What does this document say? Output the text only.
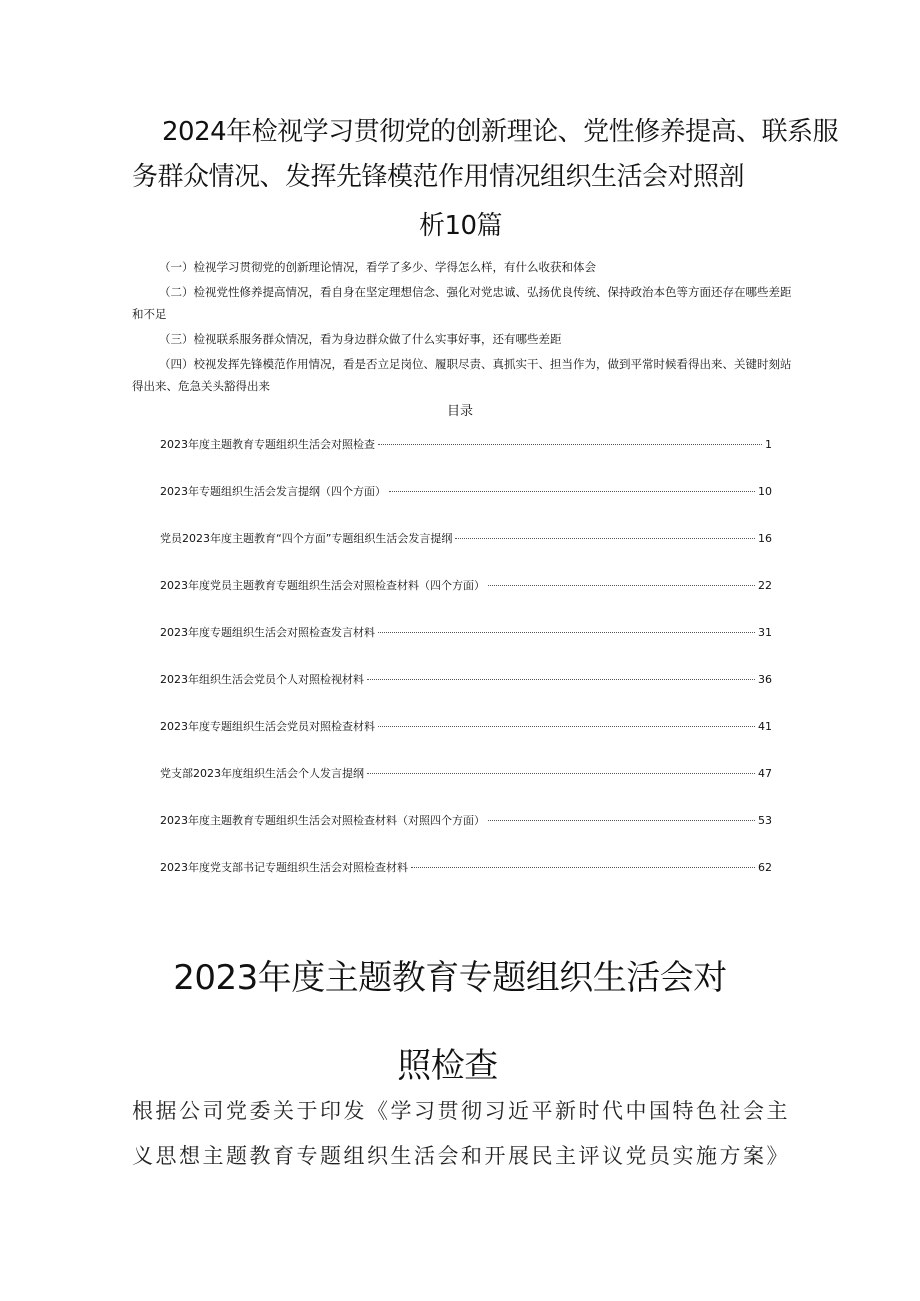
2024年检视学习贯彻党的创新理论、党性修养提高、联系服
务群众情况、发挥先锋模范作用情况组织生活会对照剖
析10篇
（一）检视学习贯彻党的创新理论情况，看学了多少、学得怎么样，有什么收获和体会
（二）检视党性修养提高情况，看自身在坚定理想信念、强化对党忠诚、弘扬优良传统、保持政治本色等方面还存在哪些差距和不足
（三）检视联系服务群众情况，看为身边群众做了什么实事好事，还有哪些差距
（四）校视发挥先锋模范作用情况，看是否立足岗位、履职尽责、真抓实干、担当作为，做到平常时候看得出来、关键时刻站得出来、危急关头豁得出来
目录
2023年度主题教育专题组织生活会对照检查	1
2023年专题组织生活会发言提纲（四个方面）	10
党员2023年度主题教育“四个方面”专题组织生活会发言提纲	16
2023年度党员主题教育专题组织生活会对照检查材料（四个方面）	22
2023年度专题组织生活会对照检查发言材料	31
2023年组织生活会党员个人对照检视材料	36
2023年度专题组织生活会党员对照检查材料	41
党支部2023年度组织生活会个人发言提纲	47
2023年度主题教育专题组织生活会对照检查材料（对照四个方面）	53
2023年度党支部书记专题组织生活会对照检查材料	62
2023年度主题教育专题组织生活会对
照检查

根据公司党委关于印发《学习贯彻习近平新时代中国特色社会主义思想主题教育专题组织生活会和开展民主评议党员实施方案》
